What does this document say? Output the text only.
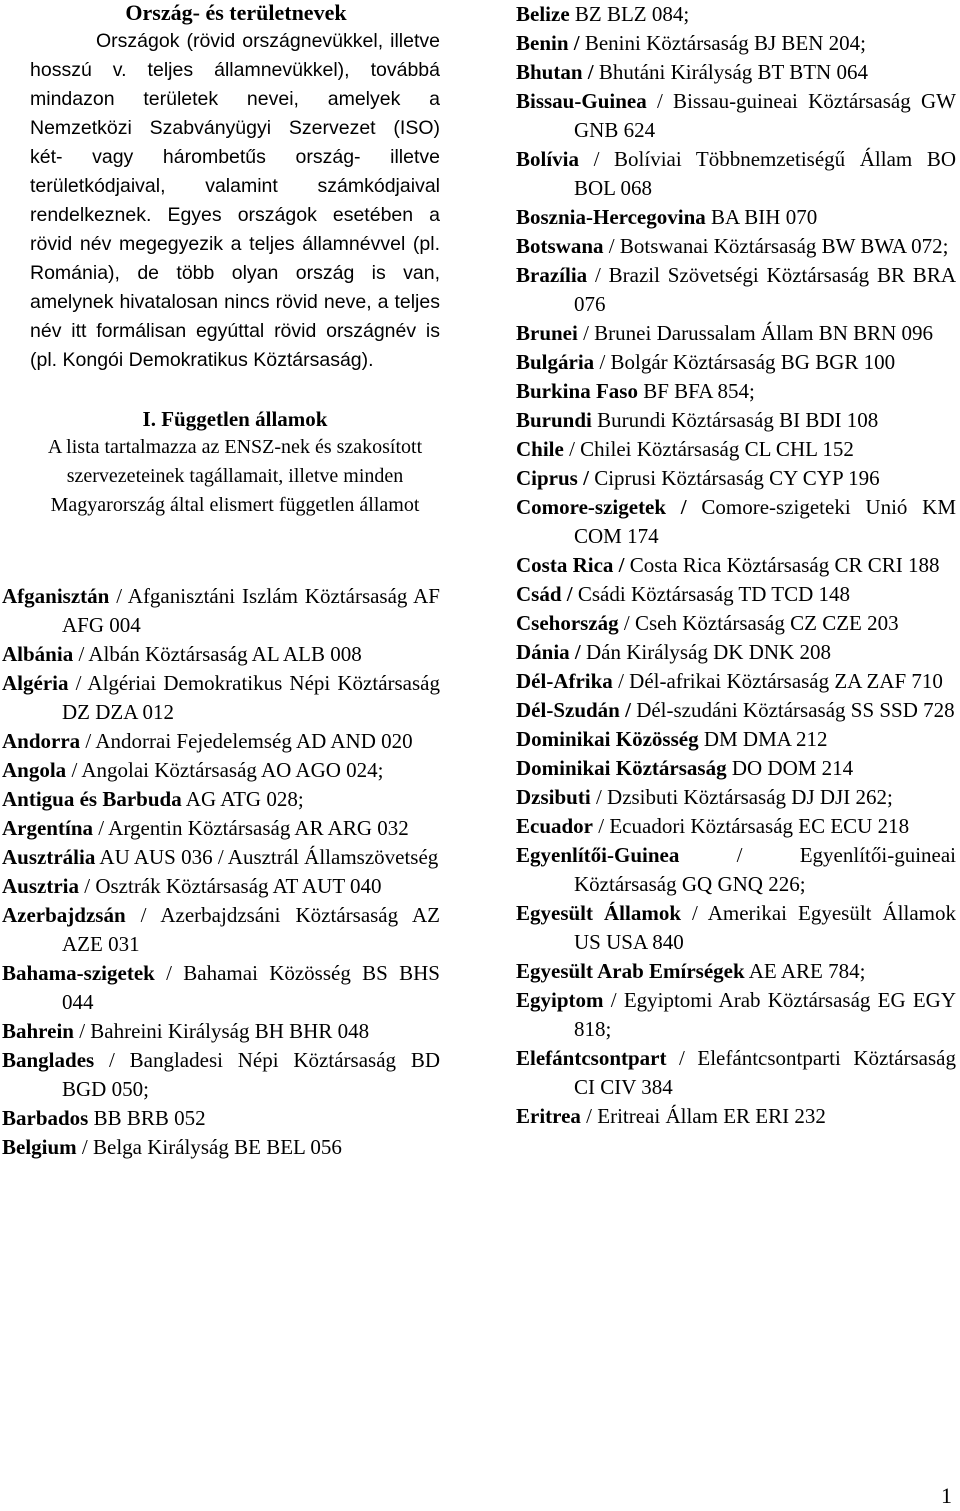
Ország- és területnevek

Országok (rövid országnevükkel, illetve hosszú v. teljes államnevükkel), továbbá mindazon területek nevei, amelyek a Nemzetközi Szabványügyi Szervezet (ISO) két- vagy hárombetűs ország- illetve területkódjaival, valamint számkódjaival rendelkeznek. Egyes országok esetében a rövid név megegyezik a teljes államnévvel (pl. Románia), de több olyan ország is van, amelynek hivatalosan nincs rövid neve, a teljes név itt formálisan egyúttal rövid országnév is (pl. Kongói Demokratikus Köztársaság).

I. Független államok
A lista tartalmazza az ENSZ-nek és szakosított szervezeteinek tagállamait, illetve minden Magyarország által elismert független államot
Afganisztán / Afganisztáni Iszlám Köztársaság AF AFG 004
Albánia / Albán Köztársaság AL ALB 008
Algéria / Algériai Demokratikus Népi Köztársaság DZ DZA 012
Andorra / Andorrai Fejedelemség AD AND 020
Angola / Angolai Köztársaság AO AGO 024;
Antigua és Barbuda AG ATG 028;
Argentína / Argentin Köztársaság AR ARG 032
Ausztrália AU AUS 036 / Ausztrál Államszövetség
Ausztria / Osztrák Köztársaság AT AUT 040
Azerbajdzsán / Azerbajdzsáni Köztársaság AZ AZE 031
Bahama-szigetek / Bahamai Közösség BS BHS 044
Bahrein / Bahreini Királyság BH BHR 048
Banglades / Bangladesi Népi Köztársaság BD BGD 050;
Barbados BB BRB 052
Belgium / Belga Királyság BE BEL 056
Belize BZ BLZ 084;
Benin / Benini Köztársaság BJ BEN 204;
Bhutan / Bhutáni Királyság BT BTN 064
Bissau-Guinea / Bissau-guineai Köztársaság GW GNB 624
Bolívia / Bolíviai Többnemzetiségű Állam BO BOL 068
Bosznia-Hercegovina BA BIH 070
Botswana / Botswanai Köztársaság BW BWA 072;
Brazília / Brazil Szövetségi Köztársaság BR BRA 076
Brunei / Brunei Darussalam Állam BN BRN 096
Bulgária / Bolgár Köztársaság BG BGR 100
Burkina Faso BF BFA 854;
Burundi Burundi Köztársaság BI BDI 108
Chile / Chilei Köztársaság CL CHL 152
Ciprus / Ciprusi Köztársaság CY CYP 196
Comore-szigetek / Comore-szigeteki Unió KM COM 174
Costa Rica / Costa Rica Köztársaság CR CRI 188
Csád / Csádi Köztársaság TD TCD 148
Csehország / Cseh Köztársaság CZ CZE 203
Dánia / Dán Királyság DK DNK 208
Dél-Afrika / Dél-afrikai Köztársaság ZA ZAF 710
Dél-Szudán / Dél-szudáni Köztársaság SS SSD 728
Dominikai Közösség DM DMA 212
Dominikai Köztársaság DO DOM 214
Dzsibuti / Dzsibuti Köztársaság DJ DJI 262;
Ecuador / Ecuadori Köztársaság EC ECU 218
Egyenlítői-Guinea / Egyenlítői-guineai Köztársaság GQ GNQ 226;
Egyesült Államok / Amerikai Egyesült Államok US USA 840
Egyesült Arab Emírségek AE ARE 784;
Egyiptom / Egyiptomi Arab Köztársaság EG EGY 818;
Elefántcsontpart / Elefántcsontparti Köztársaság CI CIV 384
Eritrea / Eritreai Állam ER ERI 232
1
